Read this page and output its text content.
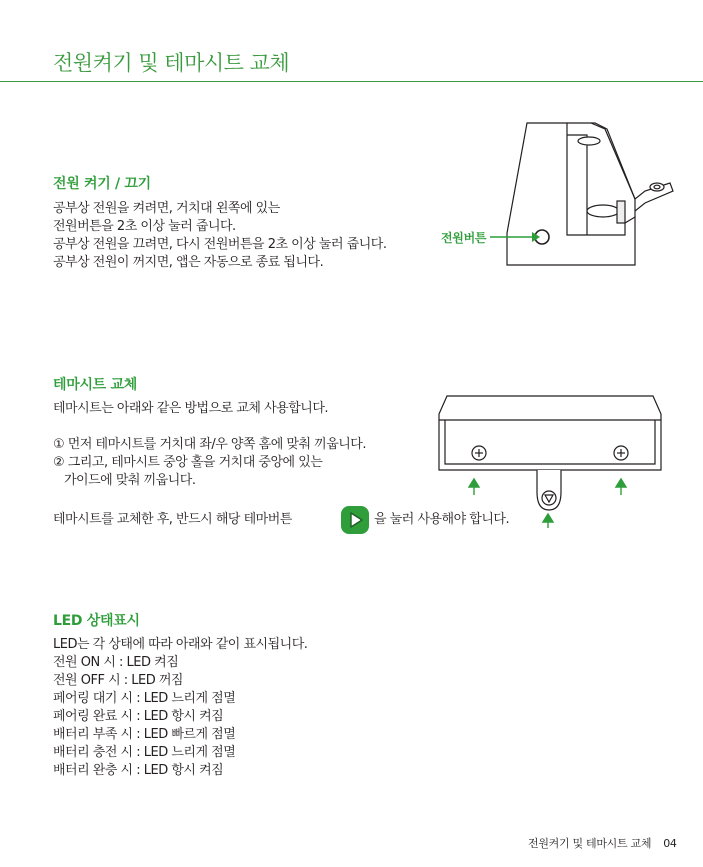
전원켜기 및 테마시트 교체
전원 켜기 / 끄기
공부상 전원을 켜려면, 거치대 왼쪽에 있는
전원버튼을 2초 이상 눌러 줍니다.
공부상 전원을 끄려면, 다시 전원버튼을 2초 이상 눌러 줍니다.
공부상 전원이 꺼지면, 앱은 자동으로 종료 됩니다.
전원버튼
테마시트 교체
테마시트는 아래와 같은 방법으로 교체 사용합니다.
① 먼저 테마시트를 거치대 좌/우 양쪽 홈에 맞춰 끼웁니다.
② 그리고, 테마시트 중앙 홀을 거치대 중앙에 있는
가이드에 맞춰 끼웁니다.
테마시트를 교체한 후, 반드시 해당 테마버튼	을 눌러 사용해야 합니다.
LED 상태표시
LED는 각 상태에 따라 아래와 같이 표시됩니다.
전원 ON 시 : LED 켜짐
전원 OFF 시 : LED 꺼짐
페어링 대기 시 : LED 느리게 점멸
페어링 완료 시 : LED 항시 켜짐
배터리 부족 시 : LED 빠르게 점멸
배터리 충전 시 : LED 느리게 점멸
배터리 완충 시 : LED 항시 켜짐
전원켜기 및 테마시트 교체 04
